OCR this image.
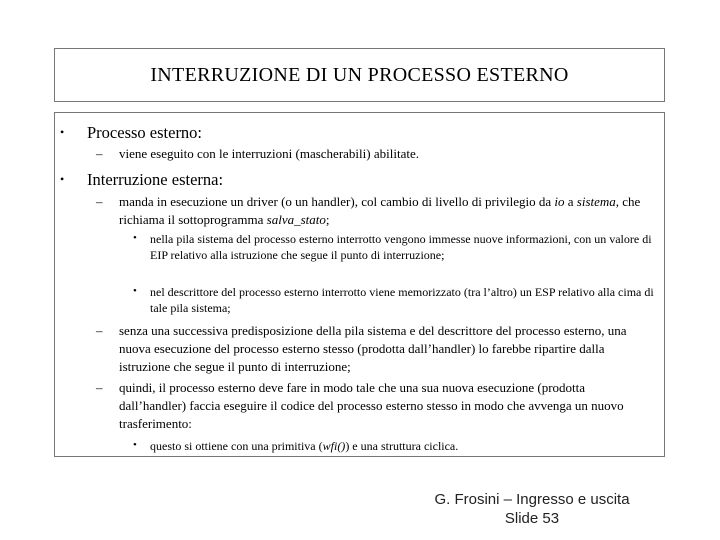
INTERRUZIONE DI UN PROCESSO ESTERNO
• Processo esterno:
– viene eseguito con le interruzioni (mascherabili) abilitate.
• Interruzione esterna:
– manda in esecuzione un driver (o un handler), col cambio di livello di privilegio da io a sistema, che richiama il sottoprogramma salva_stato;
• nella pila sistema del processo esterno interrotto vengono immesse nuove informazioni, con un valore di EIP relativo alla istruzione che segue il punto di interruzione;
• nel descrittore del processo esterno interrotto viene memorizzato (tra l’altro) un ESP relativo alla cima di tale pila sistema;
– senza una successiva predisposizione della pila sistema e del descrittore del processo esterno, una nuova esecuzione del processo esterno stesso (prodotta dall’handler) lo farebbe ripartire dalla istruzione che segue il punto di interruzione;
– quindi, il processo esterno deve fare in modo tale che una sua nuova esecuzione (prodotta dall’handler) faccia eseguire il codice del processo esterno stesso in modo che avvenga un nuovo trasferimento:
• questo si ottiene con una primitiva (wfi()) e una struttura ciclica.
G. Frosini – Ingresso e uscita
Slide 53
